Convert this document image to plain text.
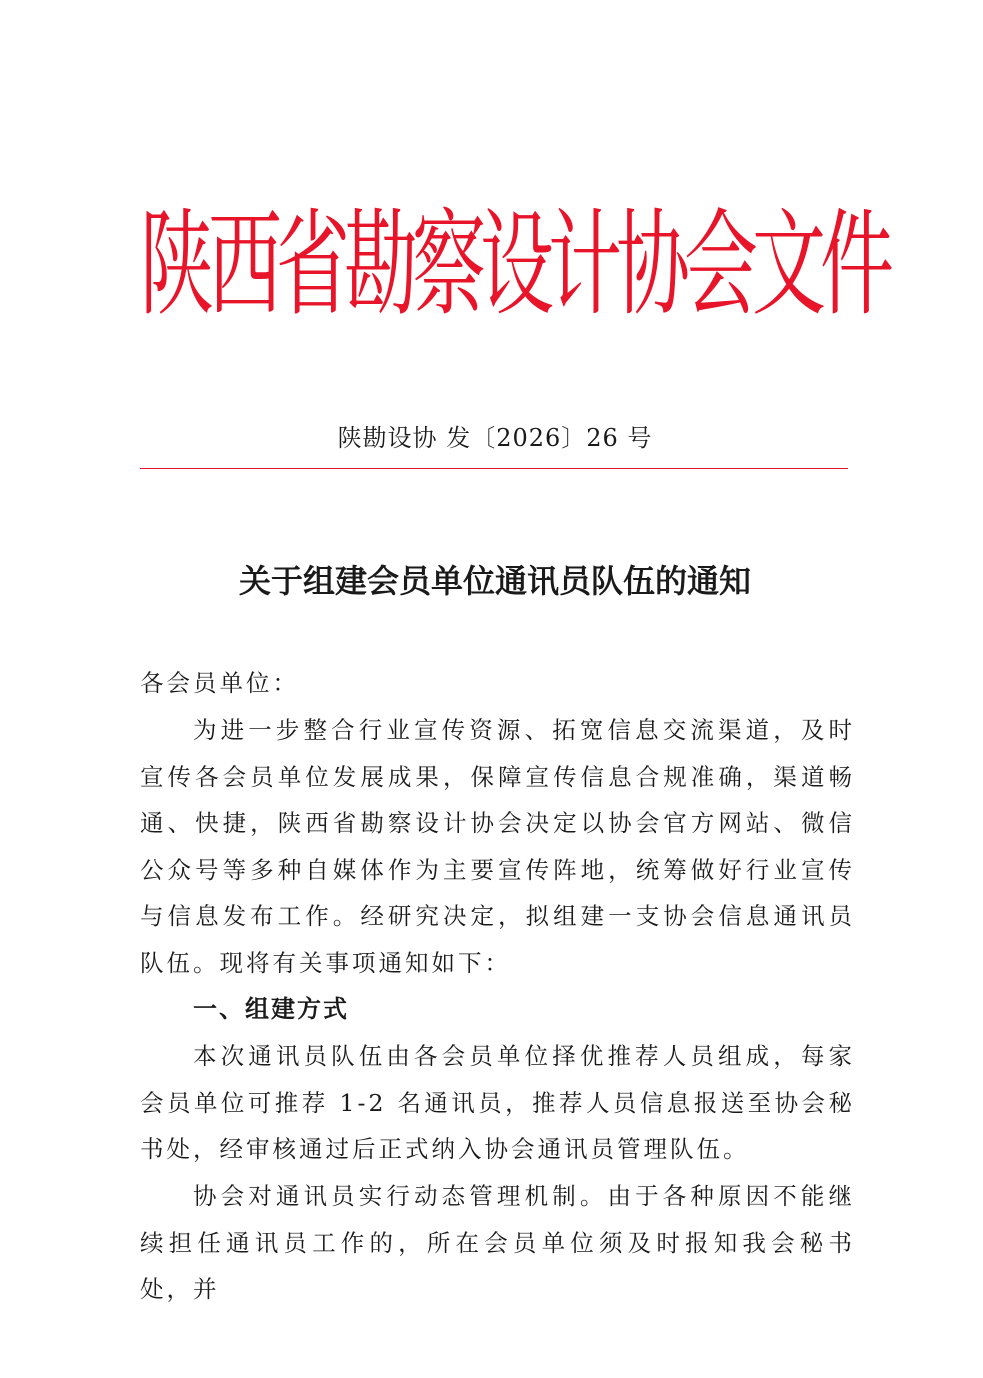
陕西省勘察设计协会文件
陕勘设协 发〔2026〕26 号
关于组建会员单位通讯员队伍的通知
各会员单位：
为进一步整合行业宣传资源、拓宽信息交流渠道，及时宣传各会员单位发展成果，保障宣传信息合规准确，渠道畅通、快捷，陕西省勘察设计协会决定以协会官方网站、微信公众号等多种自媒体作为主要宣传阵地，统筹做好行业宣传与信息发布工作。经研究决定，拟组建一支协会信息通讯员队伍。现将有关事项通知如下：
一、组建方式
本次通讯员队伍由各会员单位择优推荐人员组成，每家会员单位可推荐 1-2 名通讯员，推荐人员信息报送至协会秘书处，经审核通过后正式纳入协会通讯员管理队伍。
协会对通讯员实行动态管理机制。由于各种原因不能继续担任通讯员工作的，所在会员单位须及时报知我会秘书处，并
